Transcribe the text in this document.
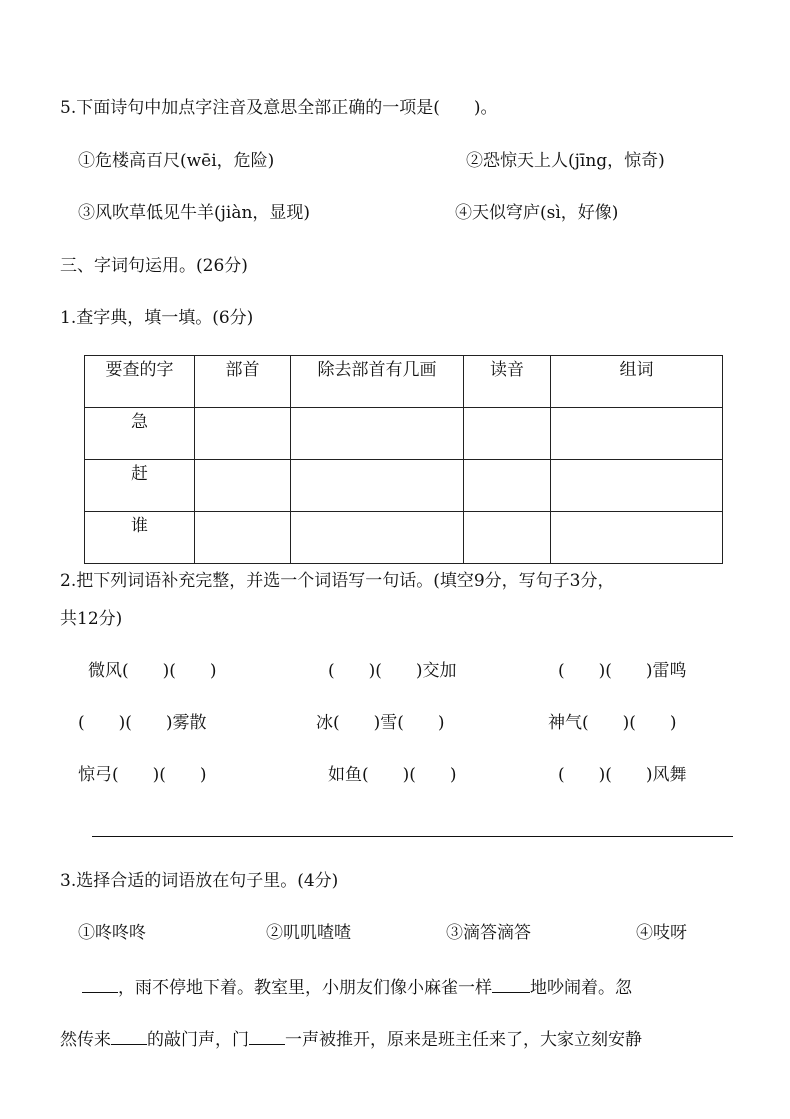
5.下面诗句中加点字注音及意思全部正确的一项是(　　)。
①危楼高百尺(wēi，危险)	②恐惊天上人(jīng，惊奇)
③风吹草低见牛羊(jiàn，显现)	④天似穹庐(sì，好像)
三、字词句运用。(26分)
1.查字典，填一填。(6分)
要查的字	部首	除去部首有几画	读音	组词

急				

赶				

谁				

2.把下列词语补充完整，并选一个词语写一句话。(填空9分，写句子3分，
共12分)
微风(　　)(　　)	(　　)(　　)交加	(　　)(　　)雷鸣
(　　)(　　)雾散	冰(　　)雪(　　)	神气(　　)(　　)
惊弓(　　)(　　)	如鱼(　　)(　　)	(　　)(　　)风舞
3.选择合适的词语放在句子里。(4分)
①咚咚咚	②叽叽喳喳	③滴答滴答	④吱呀
，雨不停地下着。教室里，小朋友们像小麻雀一样 地吵闹着。忽
然传来 的敲门声，门 一声被推开，原来是班主任来了，大家立刻安静
